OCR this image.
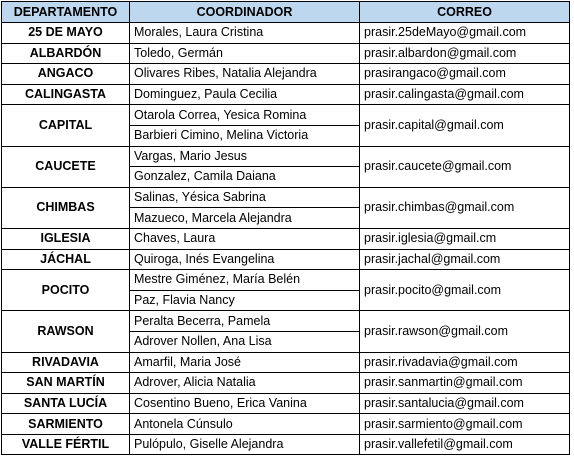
DEPARTAMENTO	COORDINADOR	CORREO
25 DE MAYO	Morales, Laura Cristina	prasir.25deMayo@gmail.com
ALBARDÓN	Toledo, Germán	prasir.albardon@gmail.com
ANGACO	Olivares Ribes, Natalia Alejandra	prasirangaco@gmail.com
CALINGASTA	Dominguez, Paula Cecilia	prasir.calingasta@gmail.com
CAPITAL	Otarola Correa, Yesica Romina	prasir.capital@gmail.com
	Barbieri Cimino, Melina Victoria	
CAUCETE	Vargas, Mario Jesus	prasir.caucete@gmail.com
	Gonzalez, Camila Daiana	
CHIMBAS	Salinas, Yésica Sabrina	prasir.chimbas@gmail.com
	Mazueco, Marcela Alejandra	
IGLESIA	Chaves, Laura	prasir.iglesia@gmail.cm
JÁCHAL	Quiroga, Inés Evangelina	prasir.jachal@gmail.com
POCITO	Mestre Giménez, María Belén	prasir.pocito@gmail.com
	Paz, Flavia Nancy	
RAWSON	Peralta Becerra, Pamela	prasir.rawson@gmail.com
	Adrover Nollen, Ana Lisa	
RIVADAVIA	Amarfil, Maria José	prasir.rivadavia@gmail.com
SAN MARTÍN	Adrover, Alicia Natalia	prasir.sanmartin@gmail.com
SANTA LUCÍA	Cosentino Bueno, Erica Vanina	prasir.santalucia@gmail.com
SARMIENTO	Antonela Cúnsulo	prasir.sarmiento@gmail.com
VALLE FÉRTIL	Pulópulo, Giselle Alejandra	prasir.vallefetil@gmail.com
